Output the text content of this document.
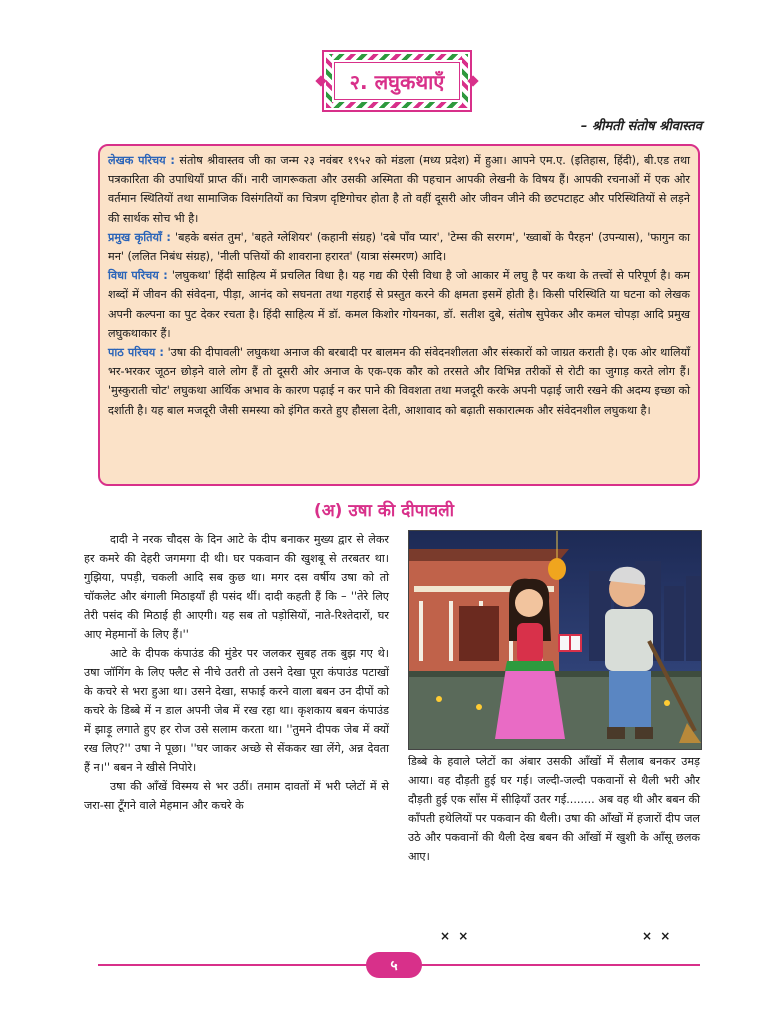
२. लघुकथाएँ
– श्रीमती संतोष श्रीवास्तव

लेखक परिचय : संतोष श्रीवास्तव जी का जन्म २३ नवंबर १९५२ को मंडला (मध्य प्रदेश) में हुआ। आपने एम.ए. (इतिहास, हिंदी), बी.एड तथा पत्रकारिता की उपाधियाँ प्राप्त कीं। नारी जागरूकता और उसकी अस्मिता की पहचान आपकी लेखनी के विषय हैं। आपकी रचनाओं में एक ओर वर्तमान स्थितियों तथा सामाजिक विसंगतियों का चित्रण दृष्टिगोचर होता है तो वहीं दूसरी ओर जीवन जीने की छटपटाहट और परिस्थितियों से लड़ने की सार्थक सोच भी है।

प्रमुख कृतियाँ : 'बहके बसंत तुम', 'बहते ग्लेशियर' (कहानी संग्रह) 'दबे पाँव प्यार', 'टेम्स की सरगम', 'ख्वाबों के पैरहन' (उपन्यास), 'फागुन का मन' (ललित निबंध संग्रह), 'नीली पत्तियों की शावराना हरारत' (यात्रा संस्मरण) आदि।

विधा परिचय : 'लघुकथा' हिंदी साहित्य में प्रचलित विधा है। यह गद्य की ऐसी विधा है जो आकार में लघु है पर कथा के तत्त्वों से परिपूर्ण है। कम शब्दों में जीवन की संवेदना, पीड़ा, आनंद को सघनता तथा गहराई से प्रस्तुत करने की क्षमता इसमें होती है। किसी परिस्थिति या घटना को लेखक अपनी कल्पना का पुट देकर रचता है। हिंदी साहित्य में डॉ. कमल किशोर गोयनका, डॉ. सतीश दुबे, संतोष सुपेकर और कमल चोपड़ा आदि प्रमुख लघुकथाकार हैं।

पाठ परिचय : 'उषा की दीपावली' लघुकथा अनाज की बरबादी पर बालमन की संवेदनशीलता और संस्कारों को जाग्रत कराती है। एक ओर थालियाँ भर-भरकर जूठन छोड़ने वाले लोग हैं तो दूसरी ओर अनाज के एक-एक कौर को तरसते और विभिन्न तरीकों से रोटी का जुगाड़ करते लोग हैं। 'मुस्कुराती चोट' लघुकथा आर्थिक अभाव के कारण पढ़ाई न कर पाने की विवशता तथा मजदूरी करके अपनी पढ़ाई जारी रखने की अदम्य इच्छा को दर्शाती है। यह बाल मजदूरी जैसी समस्या को इंगित करते हुए हौसला देती, आशावाद को बढ़ाती सकारात्मक और संवेदनशील लघुकथा है।

(अ) उषा की दीपावली

दादी ने नरक चौदस के दिन आटे के दीप बनाकर मुख्य द्वार से लेकर हर कमरे की देहरी जगमगा दी थी। घर पकवान की खुशबू से तरबतर था। गुझिया, पपड़ी, चकली आदि सब कुछ था। मगर दस वर्षीय उषा को तो चॉकलेट और बंगाली मिठाइयाँ ही पसंद थीं। दादी कहती हैं कि – ''तेरे लिए तेरी पसंद की मिठाई ही आएगी। यह सब तो पड़ोसियों, नाते-रिश्तेदारों, घर आए मेहमानों के लिए हैं।''

आटे के दीपक कंपाउंड की मुंडेर पर जलकर सुबह तक बुझ गए थे। उषा जॉगिंग के लिए फ्लैट से नीचे उतरी तो उसने देखा पूरा कंपाउंड पटाखों के कचरे से भरा हुआ था। उसने देखा, सफाई करने वाला बबन उन दीपों को कचरे के डिब्बे में न डाल अपनी जेब में रख रहा था। कृशकाय बबन कंपाउंड में झाड़ू लगाते हुए हर रोज उसे सलाम करता था। ''तुमने दीपक जेब में क्यों रख लिए?'' उषा ने पूछा। ''घर जाकर अच्छे से सेंककर खा लेंगे, अन्न देवता हैं न।'' बबन ने खीसे निपोरे।

उषा की आँखें विस्मय से भर उठीं। तमाम दावतों में भरी प्लेटों में से जरा-सा टूँगने वाले मेहमान और कचरे के

डिब्बे के हवाले प्लेटों का अंबार उसकी आँखों में सैलाब बनकर उमड़ आया। वह दौड़ती हुई घर गई। जल्दी-जल्दी पकवानों से थैली भरी और दौड़ती हुई एक साँस में सीढ़ियाँ उतर गई........ अब वह थी और बबन की काँपती हथेलियों पर पकवान की थैली। उषा की आँखों में हजारों दीप जल उठे और पकवानों की थैली देख बबन की आँखों में खुशी के आँसू छलक आए।

× ×	× ×
५
